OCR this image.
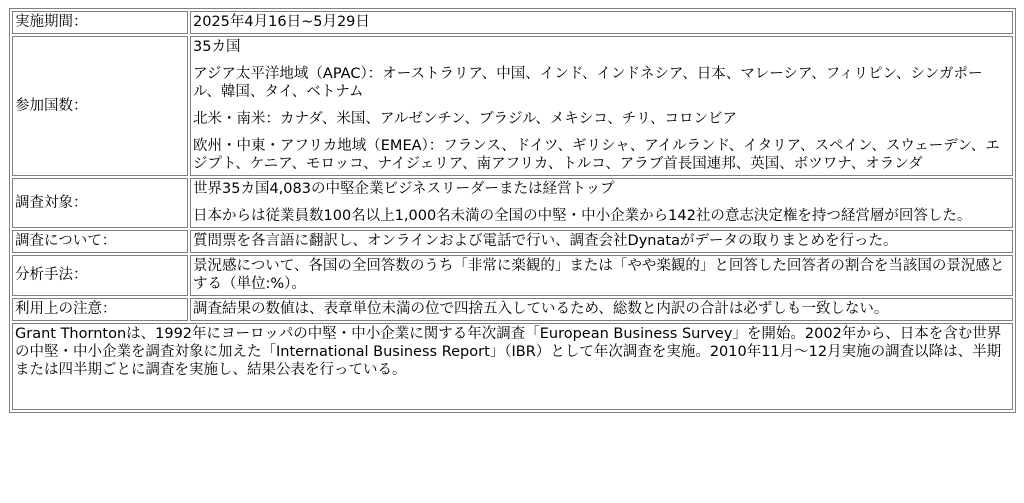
実施期間：	2025年4月16日~5月29日

参加国数：	35カ国

アジア太平洋地域（APAC）：オーストラリア、中国、インド、インドネシア、日本、マレーシア、フィリピン、シンガポール、韓国、タイ、ベトナム

北米・南米：カナダ、米国、アルゼンチン、ブラジル、メキシコ、チリ、コロンビア

欧州・中東・アフリカ地域（EMEA）：フランス、ドイツ、ギリシャ、アイルランド、イタリア、スペイン、スウェーデン、エジプト、ケニア、モロッコ、ナイジェリア、南アフリカ、トルコ、アラブ首長国連邦、英国、ボツワナ、オランダ

調査対象：	世界35カ国4,083の中堅企業ビジネスリーダーまたは経営トップ

日本からは従業員数100名以上1,000名未満の全国の中堅・中小企業から142社の意志決定権を持つ経営層が回答した。

調査について：	質問票を各言語に翻訳し、オンラインおよび電話で行い、調査会社Dynataがデータの取りまとめを行った。

分析手法：	景況感について、各国の全回答数のうち「非常に楽観的」または「やや楽観的」と回答した回答者の割合を当該国の景況感とする（単位:%）。

利用上の注意：	調査結果の数値は、表章単位未満の位で四捨五入しているため、総数と内訳の合計は必ずしも一致しない。

Grant Thorntonは、1992年にヨーロッパの中堅・中小企業に関する年次調査「European Business Survey」を開始。2002年から、日本を含む世界の中堅・中小企業を調査対象に加えた「International Business Report」（IBR）として年次調査を実施。2010年11月～12月実施の調査以降は、半期または四半期ごとに調査を実施し、結果公表を行っている。	
